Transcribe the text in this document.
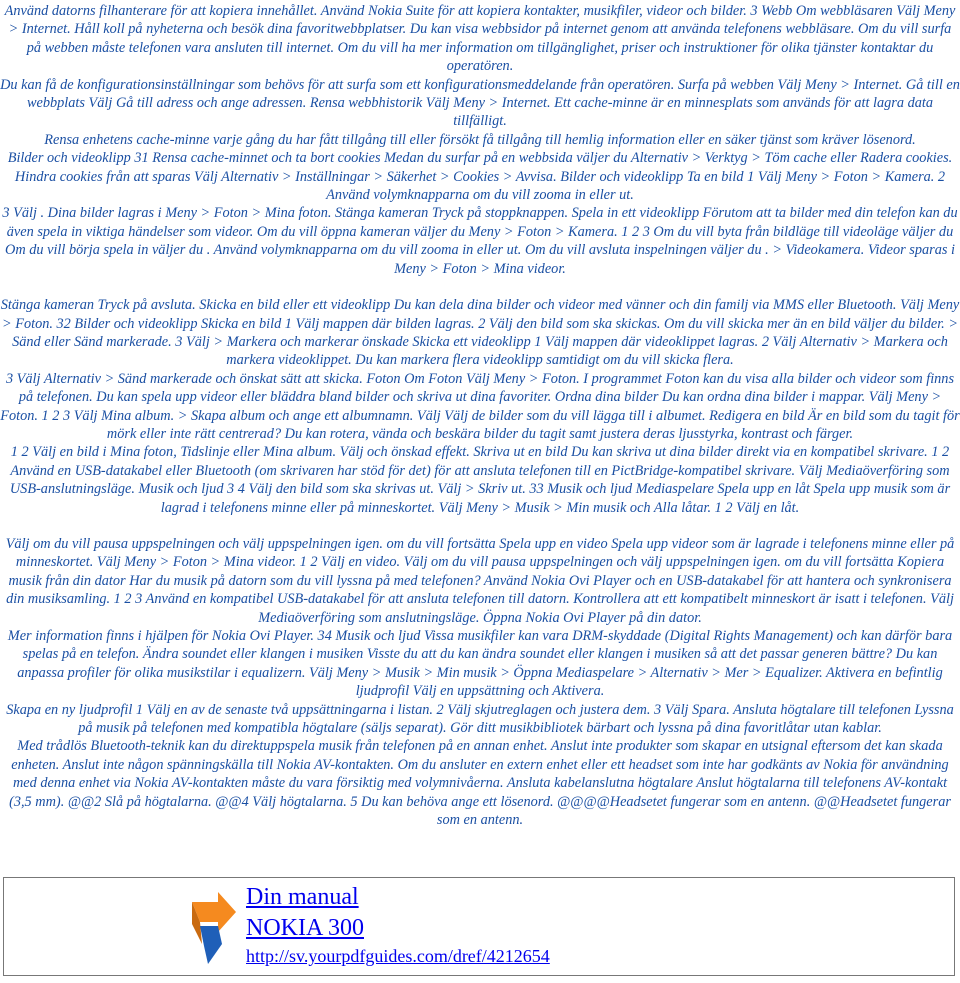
Använd datorns filhanterare för att kopiera innehållet. Använd Nokia Suite för att kopiera kontakter, musikfiler, videor och bilder. 3 Webb Om webbläsaren Välj Meny > Internet. Håll koll på nyheterna och besök dina favoritwebbplatser. Du kan visa webbsidor på internet genom att använda telefonens webbläsare. Om du vill surfa på webben måste telefonen vara ansluten till internet. Om du vill ha mer information om tillgänglighet, priser och instruktioner för olika tjänster kontaktar du operatören.

Du kan få de konfigurationsinställningar som behövs för att surfa som ett konfigurationsmeddelande från operatören. Surfa på webben Välj Meny > Internet. Gå till en webbplats Välj Gå till adress och ange adressen. Rensa webbhistorik Välj Meny > Internet. Ett cache-minne är en minnesplats som används för att lagra data tillfälligt.

Rensa enhetens cache-minne varje gång du har fått tillgång till eller försökt få tillgång till hemlig information eller en säker tjänst som kräver lösenord.

Bilder och videoklipp 31 Rensa cache-minnet och ta bort cookies Medan du surfar på en webbsida väljer du Alternativ > Verktyg > Töm cache eller Radera cookies. Hindra cookies från att sparas Välj Alternativ > Inställningar > Säkerhet > Cookies > Avvisa. Bilder och videoklipp Ta en bild 1 Välj Meny > Foton > Kamera. 2 Använd volymknapparna om du vill zooma in eller ut.

3 Välj . Dina bilder lagras i Meny > Foton > Mina foton. Stänga kameran Tryck på stoppknappen. Spela in ett videoklipp Förutom att ta bilder med din telefon kan du även spela in viktiga händelser som videor. Om du vill öppna kameran väljer du Meny > Foton > Kamera. 1 2 3 Om du vill byta från bildläge till videoläge väljer du Om du vill börja spela in väljer du . Använd volymknapparna om du vill zooma in eller ut. Om du vill avsluta inspelningen väljer du . > Videokamera. Videor sparas i Meny > Foton > Mina videor.

Stänga kameran Tryck på avsluta. Skicka en bild eller ett videoklipp Du kan dela dina bilder och videor med vänner och din familj via MMS eller Bluetooth. Välj Meny > Foton. 32 Bilder och videoklipp Skicka en bild 1 Välj mappen där bilden lagras. 2 Välj den bild som ska skickas. Om du vill skicka mer än en bild väljer du bilder. > Sänd eller Sänd markerade. 3 Välj > Markera och markerar önskade Skicka ett videoklipp 1 Välj mappen där videoklippet lagras. 2 Välj Alternativ > Markera och markera videoklippet. Du kan markera flera videoklipp samtidigt om du vill skicka flera.

3 Välj Alternativ > Sänd markerade och önskat sätt att skicka. Foton Om Foton Välj Meny > Foton. I programmet Foton kan du visa alla bilder och videor som finns på telefonen. Du kan spela upp videor eller bläddra bland bilder och skriva ut dina favoriter. Ordna dina bilder Du kan ordna dina bilder i mappar. Välj Meny > Foton. 1 2 3 Välj Mina album. > Skapa album och ange ett albumnamn. Välj Välj de bilder som du vill lägga till i albumet. Redigera en bild Är en bild som du tagit för mörk eller inte rätt centrerad? Du kan rotera, vända och beskära bilder du tagit samt justera deras ljusstyrka, kontrast och färger.

1 2 Välj en bild i Mina foton, Tidslinje eller Mina album. Välj och önskad effekt. Skriva ut en bild Du kan skriva ut dina bilder direkt via en kompatibel skrivare. 1 2 Använd en USB-datakabel eller Bluetooth (om skrivaren har stöd för det) för att ansluta telefonen till en PictBridge-kompatibel skrivare. Välj Mediaöverföring som USB-anslutningsläge. Musik och ljud 3 4 Välj den bild som ska skrivas ut. Välj > Skriv ut. 33 Musik och ljud Mediaspelare Spela upp en låt Spela upp musik som är lagrad i telefonens minne eller på minneskortet. Välj Meny > Musik > Min musik och Alla låtar. 1 2 Välj en låt.

Välj om du vill pausa uppspelningen och välj uppspelningen igen. om du vill fortsätta Spela upp en video Spela upp videor som är lagrade i telefonens minne eller på minneskortet. Välj Meny > Foton > Mina videor. 1 2 Välj en video. Välj om du vill pausa uppspelningen och välj uppspelningen igen. om du vill fortsätta Kopiera musik från din dator Har du musik på datorn som du vill lyssna på med telefonen? Använd Nokia Ovi Player och en USB-datakabel för att hantera och synkronisera din musiksamling. 1 2 3 Använd en kompatibel USB-datakabel för att ansluta telefonen till datorn. Kontrollera att ett kompatibelt minneskort är isatt i telefonen. Välj Mediaöverföring som anslutningsläge. Öppna Nokia Ovi Player på din dator.

Mer information finns i hjälpen för Nokia Ovi Player. 34 Musik och ljud Vissa musikfiler kan vara DRM-skyddade (Digital Rights Management) och kan därför bara spelas på en telefon. Ändra soundet eller klangen i musiken Visste du att du kan ändra soundet eller klangen i musiken så att det passar generen bättre? Du kan anpassa profiler för olika musikstilar i equalizern. Välj Meny > Musik > Min musik > Öppna Mediaspelare > Alternativ > Mer > Equalizer. Aktivera en befintlig ljudprofil Välj en uppsättning och Aktivera.

Skapa en ny ljudprofil 1 Välj en av de senaste två uppsättningarna i listan. 2 Välj skjutreglagen och justera dem. 3 Välj Spara. Ansluta högtalare till telefonen Lyssna på musik på telefonen med kompatibla högtalare (säljs separat). Gör ditt musikbibliotek bärbart och lyssna på dina favoritlåtar utan kablar.

Med trådlös Bluetooth-teknik kan du direktuppspela musik från telefonen på en annan enhet. Anslut inte produkter som skapar en utsignal eftersom det kan skada enheten. Anslut inte någon spänningskälla till Nokia AV-kontakten. Om du ansluter en extern enhet eller ett headset som inte har godkänts av Nokia för användning med denna enhet via Nokia AV-kontakten måste du vara försiktig med volymnivåerna. Ansluta kabelanslutna högtalare Anslut högtalarna till telefonens AV-kontakt (3,5 mm). @@2 Slå på högtalarna. @@4 Välj högtalarna. 5 Du kan behöva ange ett lösenord. @@@@Headsetet fungerar som en antenn. @@Headsetet fungerar som en antenn.

Din manual
NOKIA 300
http://sv.yourpdfguides.com/dref/4212654
